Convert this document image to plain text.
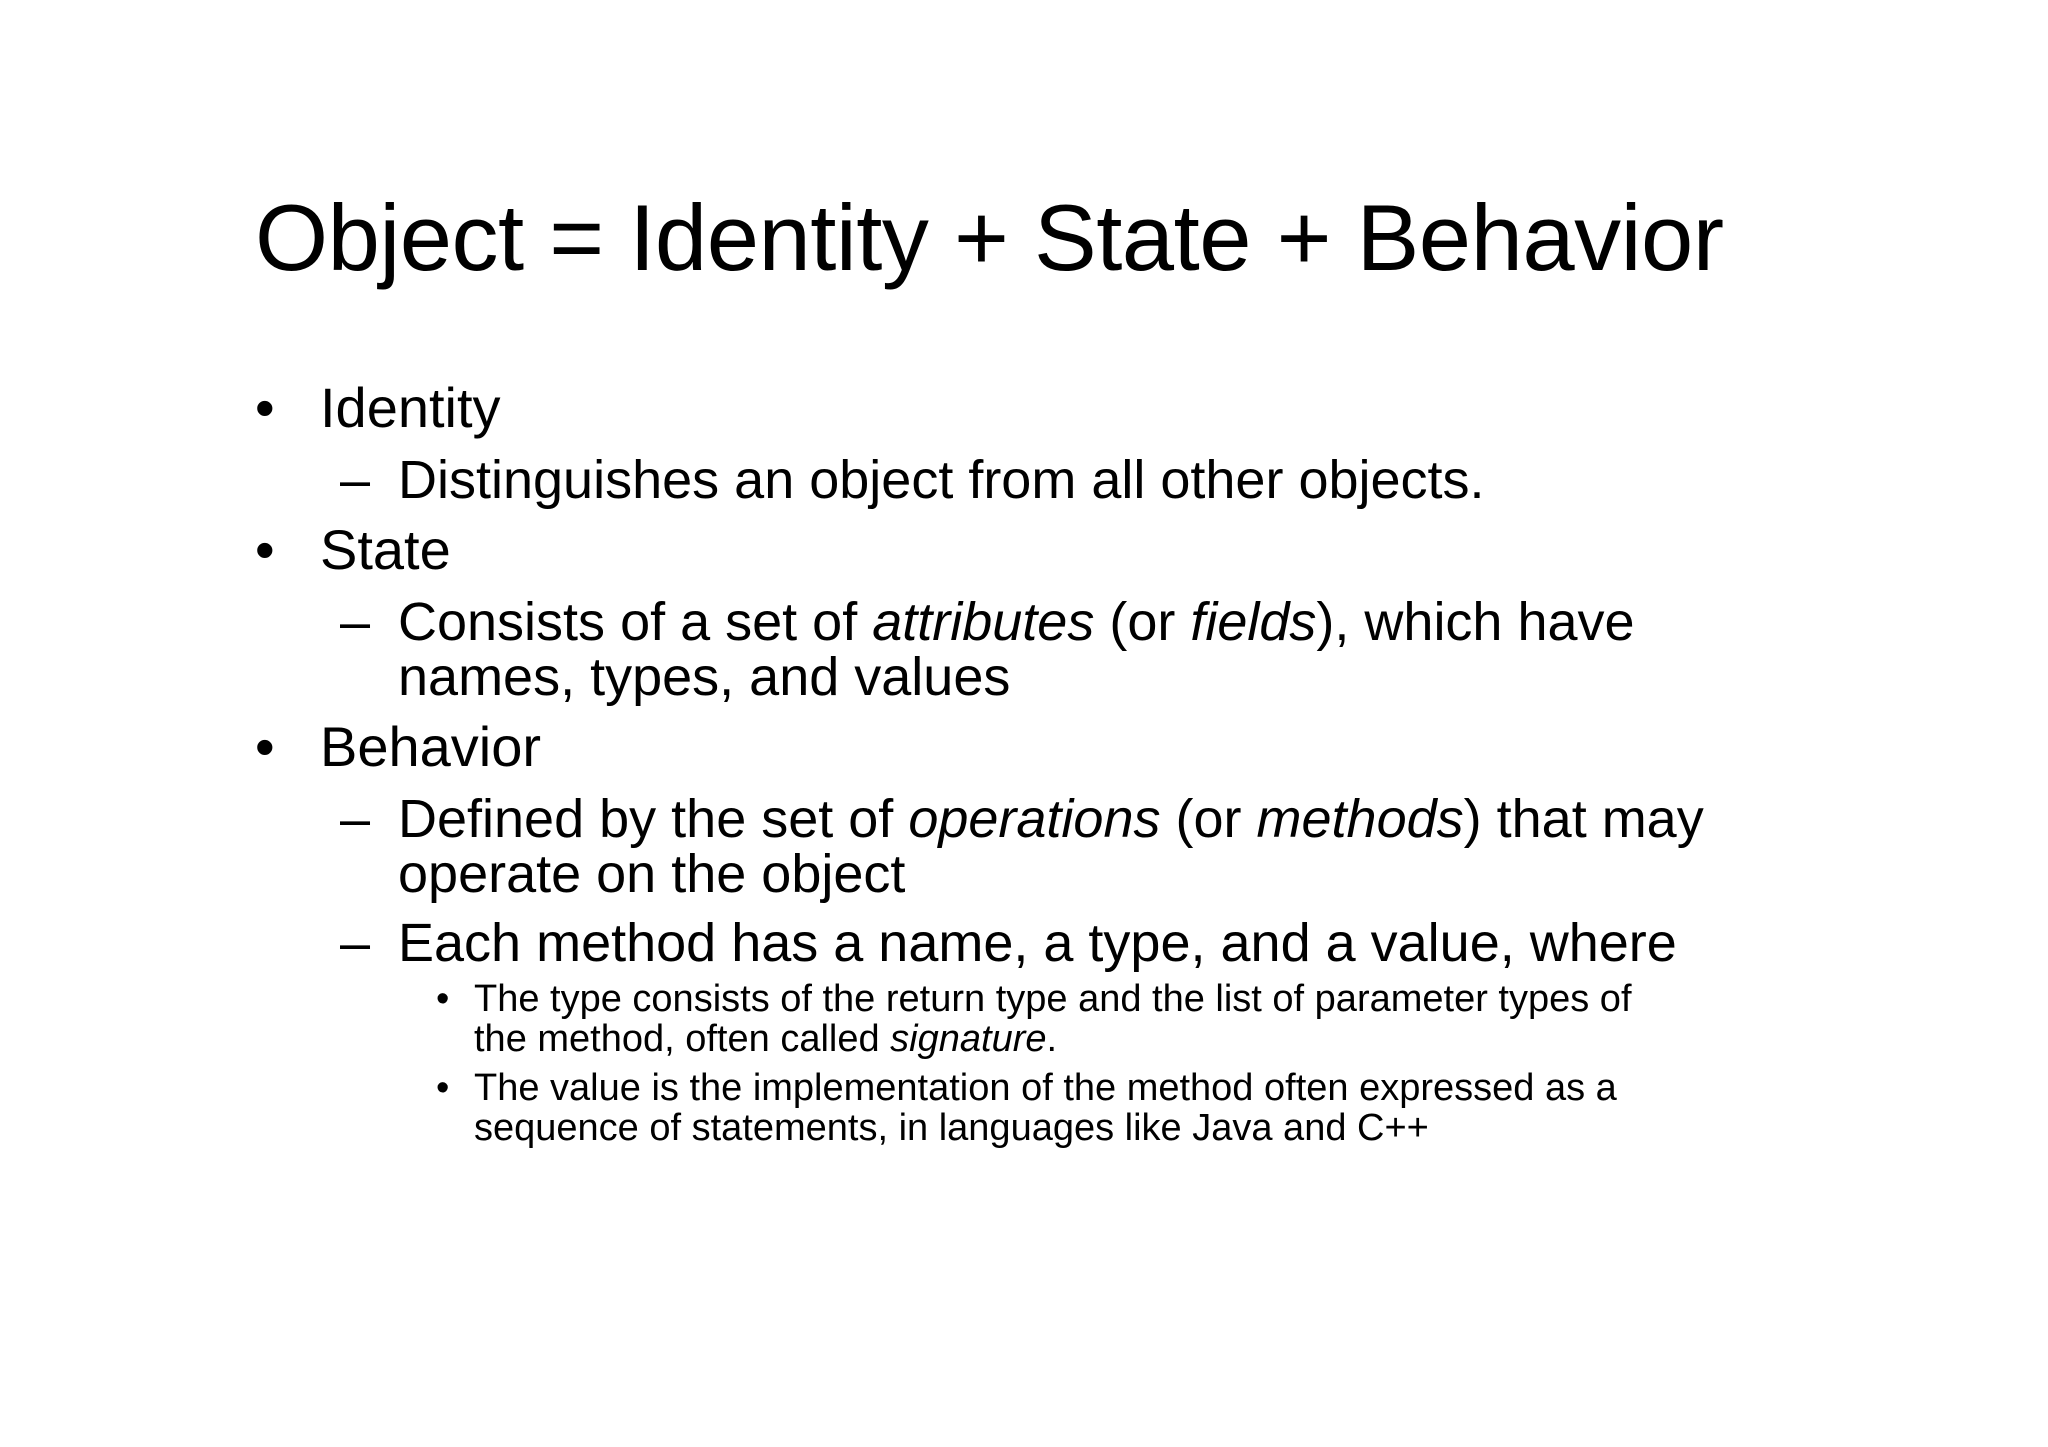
Object = Identity + State + Behavior
• Identity
– Distinguishes an object from all other objects.
• State
– Consists of a set of attributes (or fields), which have
names, types, and values
• Behavior
– Defined by the set of operations (or methods) that may
operate on the object
– Each method has a name, a type, and a value, where
• The type consists of the return type and the list of parameter types of
the method, often called signature.
• The value is the implementation of the method often expressed as a
sequence of statements, in languages like Java and C++
